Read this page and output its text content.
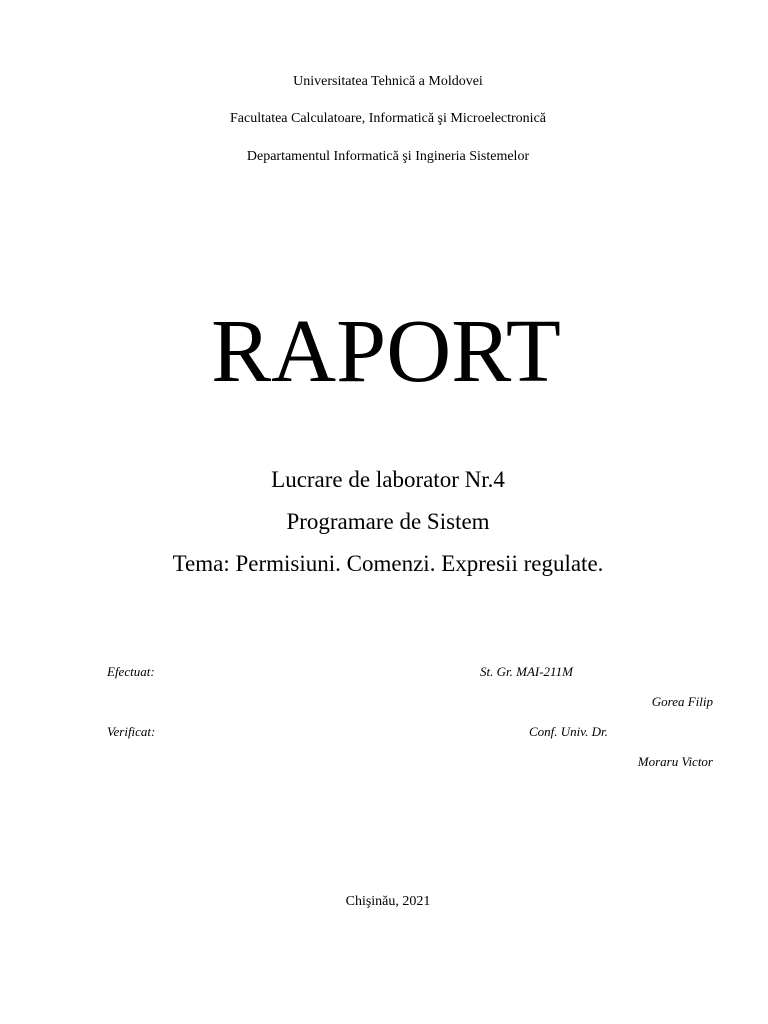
Universitatea Tehnică a Moldovei
Facultatea Calculatoare, Informatică şi Microelectronică
Departamentul Informatică şi Ingineria Sistemelor
RAPORT
Lucrare de laborator Nr.4
Programare de Sistem
Tema: Permisiuni. Comenzi. Expresii regulate.
Efectuat:	St. Gr. MAI-211M
Gorea Filip
Verificat:	Conf. Univ. Dr.
Moraru Victor
Chişinău, 2021
